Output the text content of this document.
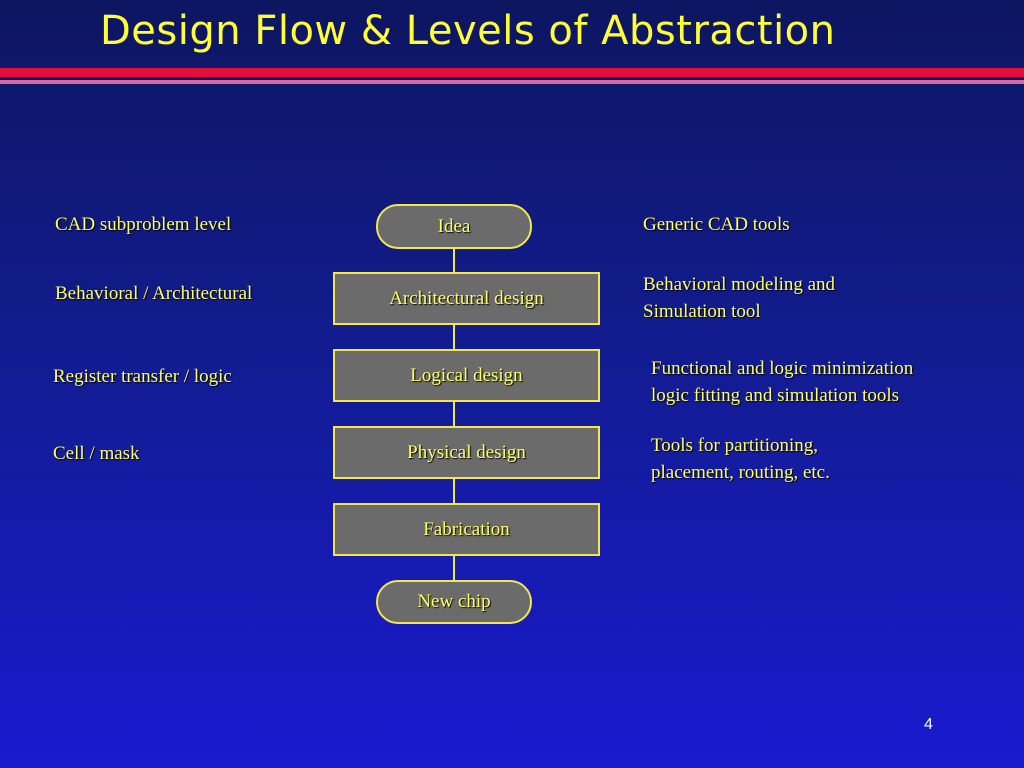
Design Flow & Levels of Abstraction
CAD subproblem level
Behavioral / Architectural
Register transfer / logic
Cell / mask
Idea
Architectural design
Logical design
Physical design
Fabrication
New chip
Generic CAD tools
Behavioral modeling and
Simulation tool
Functional and logic minimization
logic fitting and simulation tools
Tools for partitioning,
placement, routing, etc.
4
